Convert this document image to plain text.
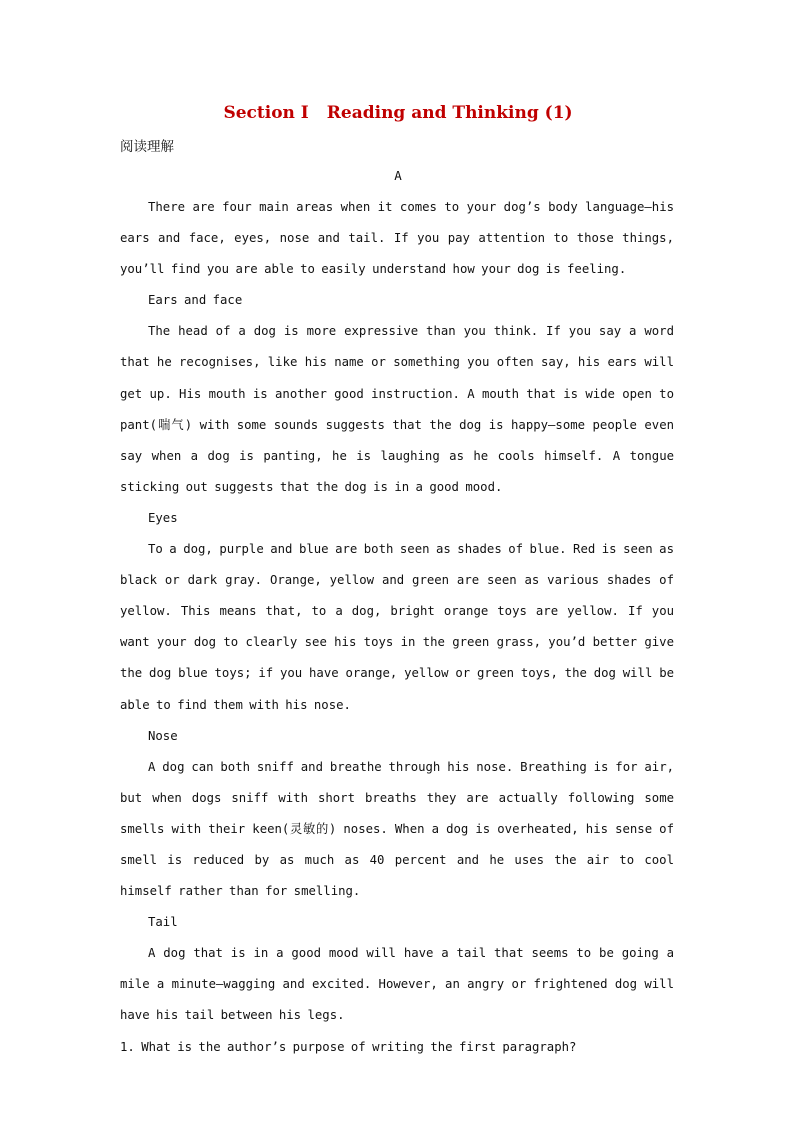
Section Ⅰ Reading and Thinking (1)
阅读理解
A

There are four main areas when it comes to your dog’s body language—his ears and face, eyes, nose and tail. If you pay attention to those things, you’ll find you are able to easily understand how your dog is feeling.

Ears and face

The head of a dog is more expressive than you think. If you say a word that he recognises, like his name or something you often say, his ears will get up. His mouth is another good instruction. A mouth that is wide open to pant(喘气) with some sounds suggests that the dog is happy—some people even say when a dog is panting, he is laughing as he cools himself. A tongue sticking out suggests that the dog is in a good mood.

Eyes

To a dog, purple and blue are both seen as shades of blue. Red is seen as black or dark gray. Orange, yellow and green are seen as various shades of yellow. This means that, to a dog, bright orange toys are yellow. If you want your dog to clearly see his toys in the green grass, you’d better give the dog blue toys; if you have orange, yellow or green toys, the dog will be able to find them with his nose.

Nose

A dog can both sniff and breathe through his nose. Breathing is for air, but when dogs sniff with short breaths they are actually following some smells with their keen(灵敏的) noses. When a dog is overheated, his sense of smell is reduced by as much as 40 percent and he uses the air to cool himself rather than for smelling.

Tail

A dog that is in a good mood will have a tail that seems to be going a mile a minute—wagging and excited. However, an angry or frightened dog will have his tail between his legs.

1. What is the author’s purpose of writing the first paragraph?
